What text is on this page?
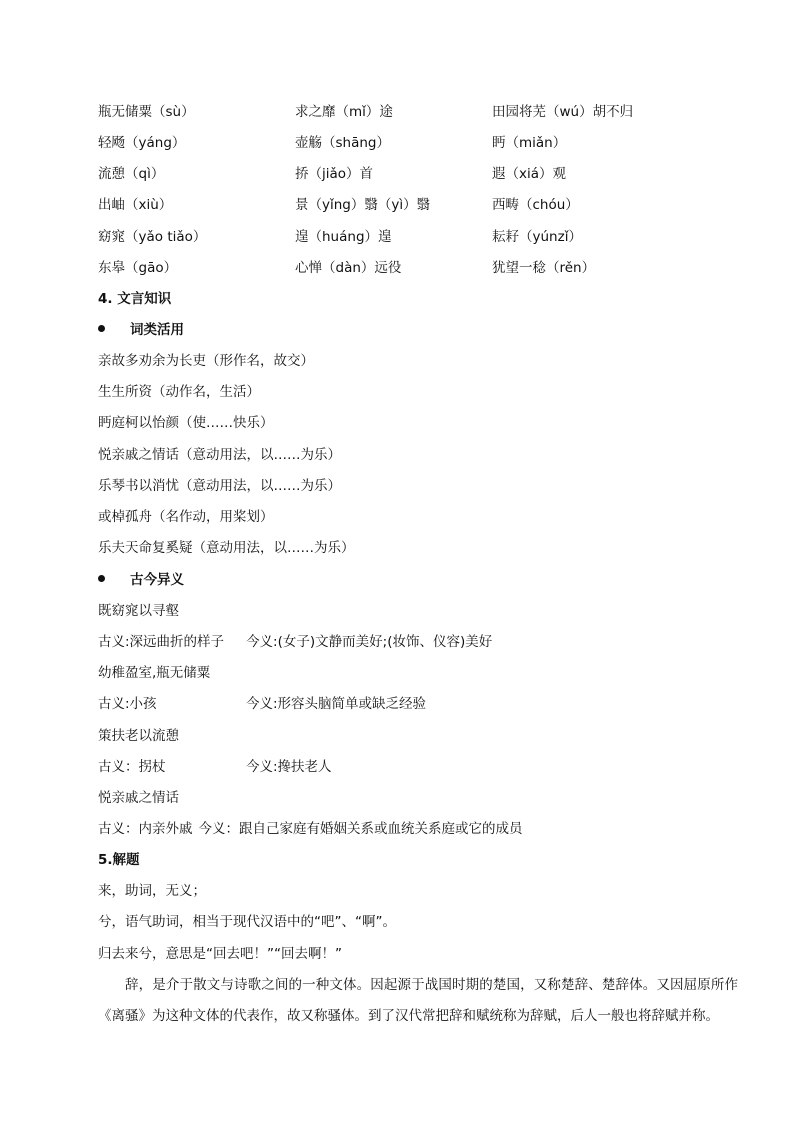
瓶无储粟（sù）	求之靡（mǐ）途	田园将芜（wú）胡不归
轻飏（yáng）	壶觞（shāng）	眄（miǎn）
流憩（qì）	挢（jiǎo）首	遐（xiá）观
出岫（xiù）	景（yǐng）翳（yì）翳	西畴（chóu）
窈窕（yǎo tiǎo）	遑（huáng）遑	耘耔（yúnzǐ）
东皋（gāo）	心惮（dàn）远役	犹望一稔（rěn）
4. 文言知识
词类活用
亲故多劝余为长吏（形作名，故交）
生生所资（动作名，生活）
眄庭柯以怡颜（使……快乐）
悦亲戚之情话（意动用法，以……为乐）
乐琴书以消忧（意动用法，以……为乐）
或棹孤舟（名作动，用桨划）
乐夫天命复奚疑（意动用法，以……为乐）
古今异义
既窈窕以寻壑
古义:深远曲折的样子 今义:(女子)文静而美好;(妆饰、仪容)美好
幼稚盈室,瓶无储粟
古义:小孩	今义:形容头脑简单或缺乏经验
策扶老以流憩
古义：拐杖	今义:搀扶老人
悦亲戚之情话
古义：内亲外戚 今义：跟自己家庭有婚姻关系或血统关系庭或它的成员
5.解题
来，助词，无义；
兮，语气助词，相当于现代汉语中的“吧”、“啊”。
归去来兮，意思是“回去吧！”“回去啊！”
辞，是介于散文与诗歌之间的一种文体。因起源于战国时期的楚国，又称楚辞、楚辞体。又因屈原所作《离骚》为这种文体的代表作，故又称骚体。到了汉代常把辞和赋统称为辞赋，后人一般也将辞赋并称。
